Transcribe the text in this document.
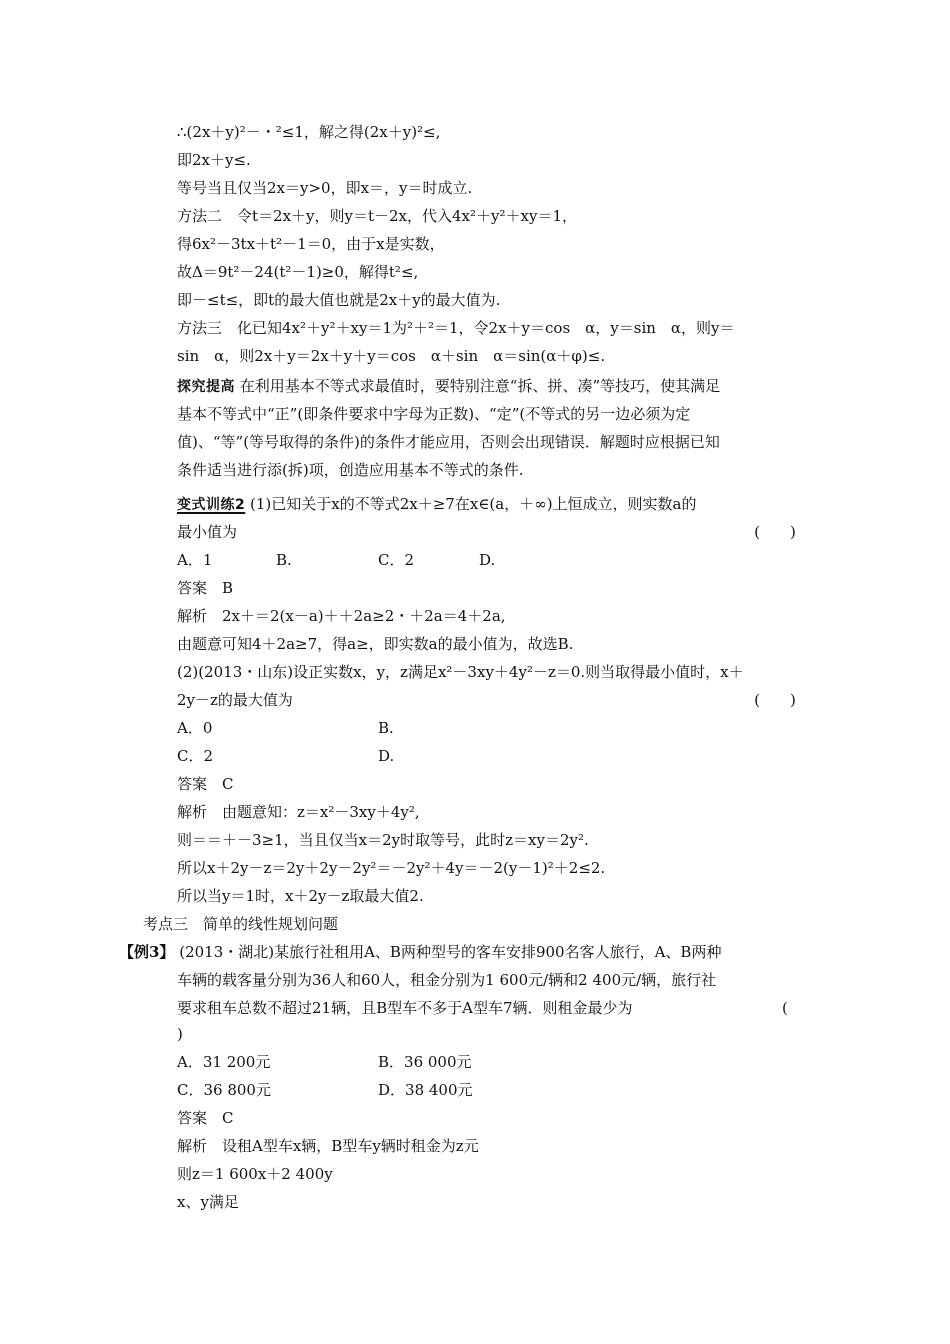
∴(2x＋y)²－・²≤1，解之得(2x＋y)²≤,
即2x＋y≤.
等号当且仅当2x＝y>0，即x＝，y＝时成立.
方法二　令t＝2x＋y，则y＝t－2x，代入4x²＋y²＋xy＝1，
得6x²－3tx＋t²－1＝0，由于x是实数，
故Δ＝9t²－24(t²－1)≥0，解得t²≤,
即－≤t≤，即t的最大值也就是2x＋y的最大值为.
方法三　化已知4x²＋y²＋xy＝1为²＋²＝1，令2x＋y＝cos　α，y＝sin　α，则y＝
sin　α，则2x＋y＝2x＋y＋y＝cos　α＋sin　α＝sin(α＋φ)≤.
探究提高 在利用基本不等式求最值时，要特别注意“拆、拼、凑”等技巧，使其满足
基本不等式中“正”(即条件要求中字母为正数)、“定”(不等式的另一边必须为定
值)、“等”(等号取得的条件)的条件才能应用，否则会出现错误．解题时应根据已知
条件适当进行添(拆)项，创造应用基本不等式的条件.
变式训练2 (1)已知关于x的不等式2x＋≥7在x∈(a，＋∞)上恒成立，则实数a的
最小值为	(　　)
A．1	B.	C．2	D.
答案　B
解析　2x＋＝2(x－a)＋＋2a≥2・＋2a＝4＋2a,
由题意可知4＋2a≥7，得a≥，即实数a的最小值为，故选B.
(2)(2013・山东)设正实数x，y，z满足x²－3xy＋4y²－z＝0.则当取得最小值时，x＋
2y－z的最大值为	(　　)
A．0	B.
C．2	D.
答案　C
解析　由题意知：z＝x²－3xy＋4y²,
则＝＝＋－3≥1，当且仅当x＝2y时取等号，此时z＝xy＝2y².
所以x＋2y－z＝2y＋2y－2y²＝－2y²＋4y＝－2(y－1)²＋2≤2.
所以当y＝1时，x＋2y－z取最大值2.
考点三　简单的线性规划问题
【例3】 (2013・湖北)某旅行社租用A、B两种型号的客车安排900名客人旅行，A、B两种
车辆的载客量分别为36人和60人，租金分别为1 600元/辆和2 400元/辆，旅行社
要求租车总数不超过21辆，且B型车不多于A型车7辆．则租金最少为	(
)
A．31 200元	B．36 000元
C．36 800元	D．38 400元
答案　C
解析　设租A型车x辆，B型车y辆时租金为z元
则z＝1 600x＋2 400y
x、y满足
